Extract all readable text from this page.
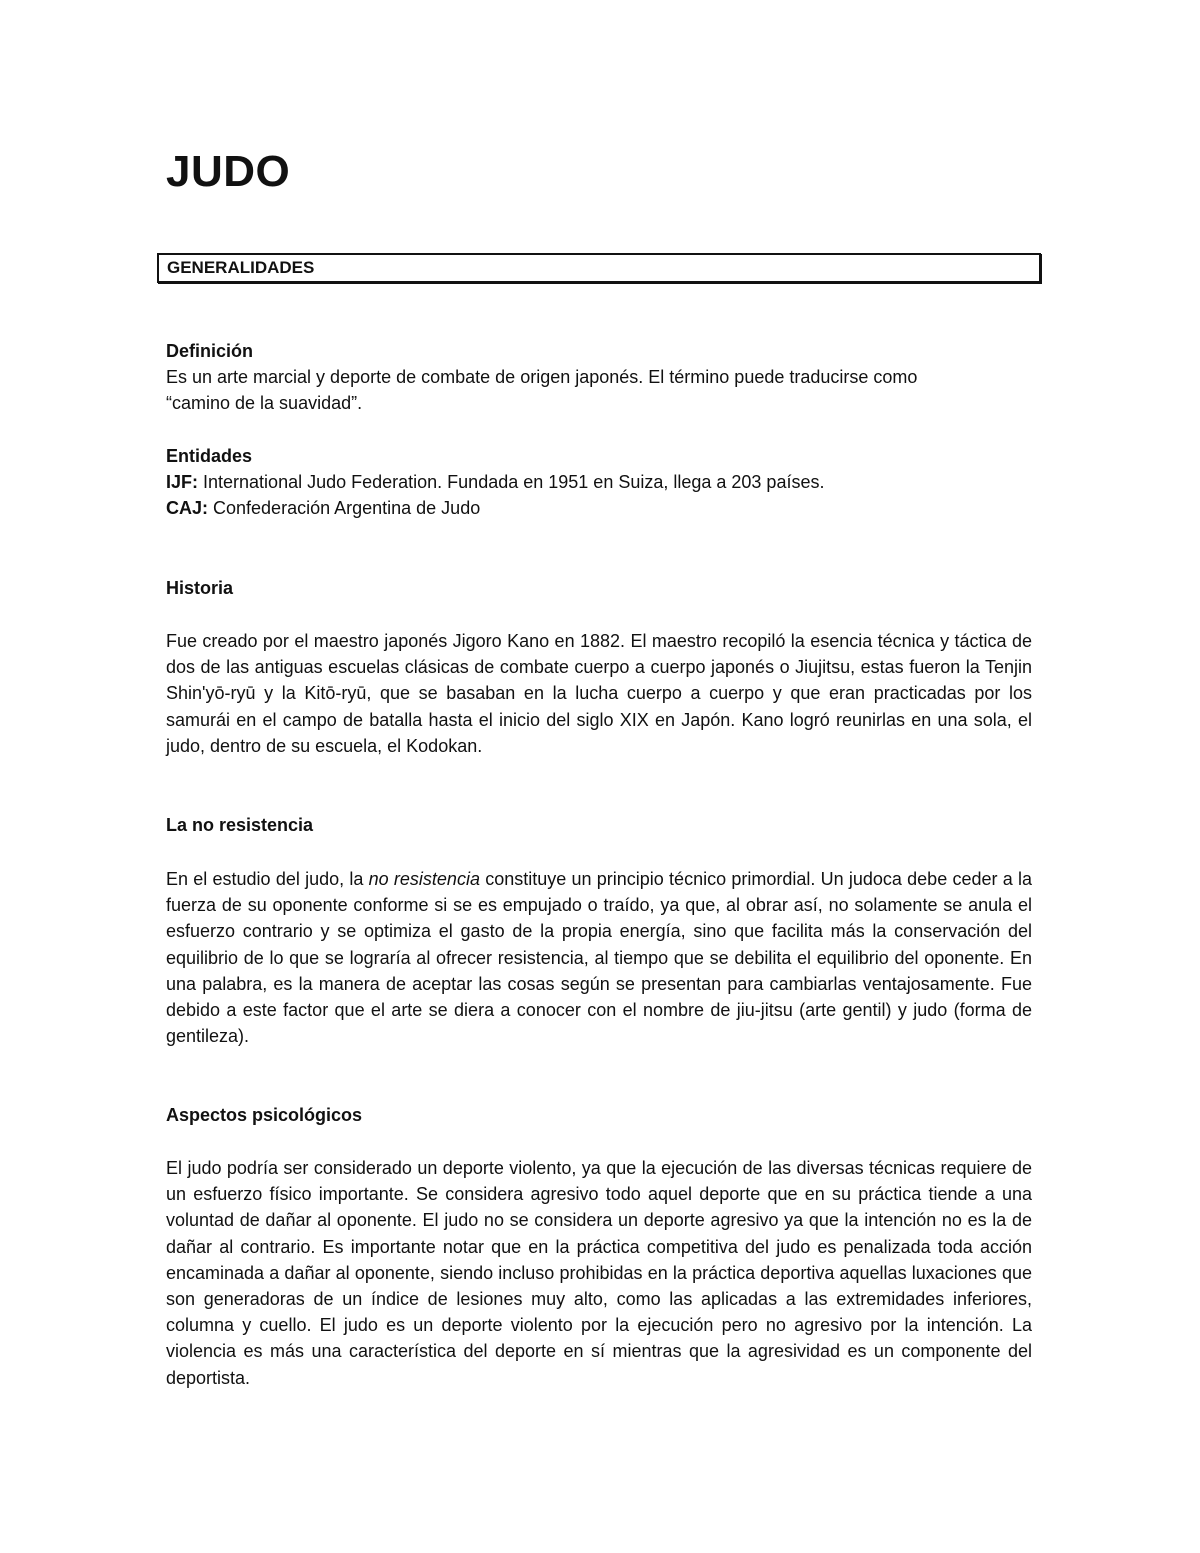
JUDO
GENERALIDADES

Definición

Es un arte marcial y deporte de combate de origen japonés. El término puede traducirse como

“camino de la suavidad”.

Entidades

IJF: International Judo Federation. Fundada en 1951 en Suiza, llega a 203 países.

CAJ: Confederación Argentina de Judo

Historia

Fue creado por el maestro japonés Jigoro Kano en 1882. El maestro recopiló la esencia técnica y táctica de dos de las antiguas escuelas clásicas de combate cuerpo a cuerpo japonés o Jiujitsu, estas fueron la Tenjin Shin'yō-ryū y la Kitō-ryū, que se basaban en la lucha cuerpo a cuerpo y que eran practicadas por los samurái en el campo de batalla hasta el inicio del siglo XIX en Japón. Kano logró reunirlas en una sola, el judo, dentro de su escuela, el Kodokan.

La no resistencia

En el estudio del judo, la no resistencia constituye un principio técnico primordial. Un judoca debe ceder a la fuerza de su oponente conforme si se es empujado o traído, ya que, al obrar así, no solamente se anula el esfuerzo contrario y se optimiza el gasto de la propia energía, sino que facilita más la conservación del equilibrio de lo que se lograría al ofrecer resistencia, al tiempo que se debilita el equilibrio del oponente. En una palabra, es la manera de aceptar las cosas según se presentan para cambiarlas ventajosamente. Fue debido a este factor que el arte se diera a conocer con el nombre de jiu-jitsu (arte gentil) y judo (forma de gentileza).

Aspectos psicológicos

El judo podría ser considerado un deporte violento, ya que la ejecución de las diversas técnicas requiere de un esfuerzo físico importante. Se considera agresivo todo aquel deporte que en su práctica tiende a una voluntad de dañar al oponente. El judo no se considera un deporte agresivo ya que la intención no es la de dañar al contrario. Es importante notar que en la práctica competitiva del judo es penalizada toda acción encaminada a dañar al oponente, siendo incluso prohibidas en la práctica deportiva aquellas luxaciones que son generadoras de un índice de lesiones muy alto, como las aplicadas a las extremidades inferiores, columna y cuello. El judo es un deporte violento por la ejecución pero no agresivo por la intención. La violencia es más una característica del deporte en sí mientras que la agresividad es un componente del deportista.
